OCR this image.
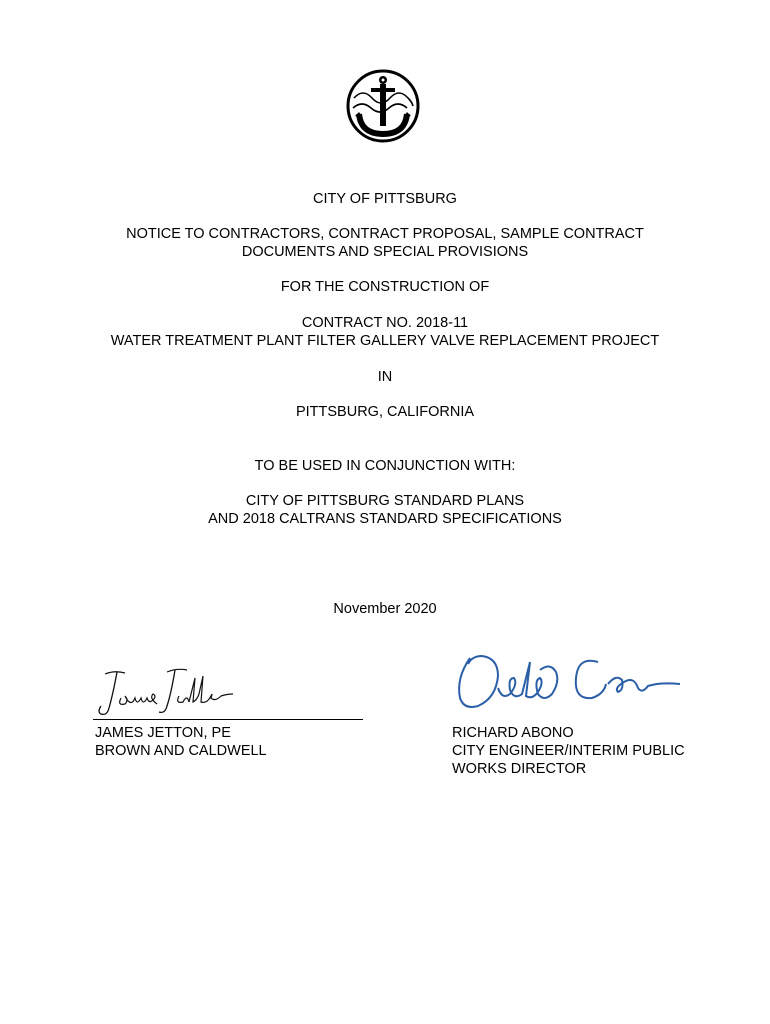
CITY OF PITTSBURG
NOTICE TO CONTRACTORS, CONTRACT PROPOSAL, SAMPLE CONTRACT
DOCUMENTS AND SPECIAL PROVISIONS
FOR THE CONSTRUCTION OF
CONTRACT NO. 2018-11
WATER TREATMENT PLANT FILTER GALLERY VALVE REPLACEMENT PROJECT
IN
PITTSBURG, CALIFORNIA
TO BE USED IN CONJUNCTION WITH:
CITY OF PITTSBURG STANDARD PLANS
AND 2018 CALTRANS STANDARD SPECIFICATIONS
November 2020
JAMES JETTON, PE
BROWN AND CALDWELL
RICHARD ABONO
CITY ENGINEER/INTERIM PUBLIC
WORKS DIRECTOR
